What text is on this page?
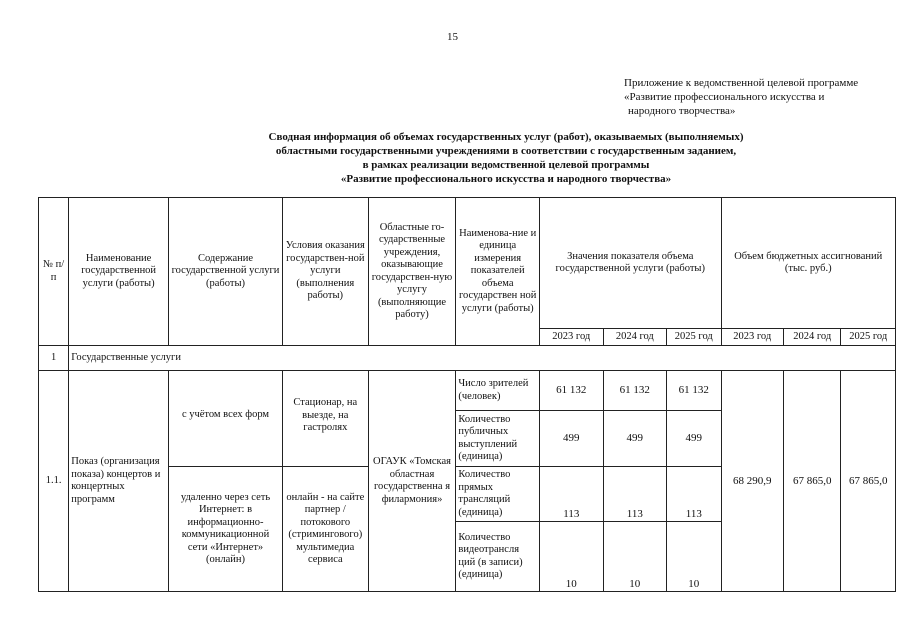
15
Приложение к ведомственной целевой программе
«Развитие профессионального искусства и
народного творчества»
Сводная информация об объемах государственных услуг (работ), оказываемых (выполняемых)
областными государственными учреждениями в соответствии с государственным заданием,
в рамках реализации ведомственной целевой программы
«Развитие профессионального искусства и народного творчества»
№ п/п	Наименование государственной услуги (работы)	Содержание государственной услуги (работы)	Условия оказания государствен-ной услуги (выполнения работы)	Областные го-сударственные учреждения, оказывающие государствен-ную услугу (выполняющие работу)	Наименова-ние и единица измерения показателей объема государствен ной услуги (работы)	Значения показателя объема государственной услуги (работы)			Объем бюджетных ассигнований (тыс. руб.)		
						2023 год	2024 год	2025 год	2023 год	2024 год	2025 год
1	Государственные услуги										
1.1.	Показ (организация показа) концертов и концертных программ	с учётом всех форм	Стационар, на выезде, на гастролях	ОГАУК «Томская областная государственна я филармония»	Число зрителей (человек)	61 132	61 132	61 132	68 290,9	67 865,0	67 865,0
					Количество публичных выступлений (единица)	499	499	499			
		удаленно через сеть Интернет: в информационно-коммуникационной сети «Интернет» (онлайн)	онлайн - на сайте партнер / потокового (стримингового) мультимедиа сервиса		Количество прямых трансляций (единица)	113	113	113			
					Количество видеотрансля ций (в записи) (единица)	10	10	10			
